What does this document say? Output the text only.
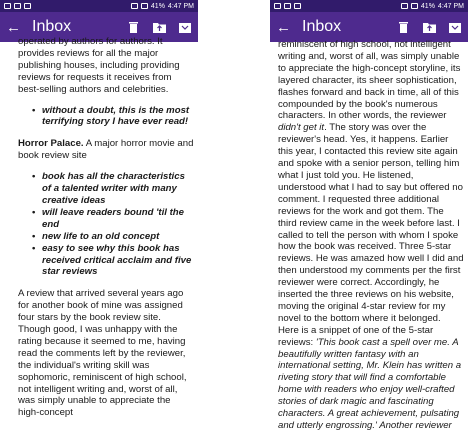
41% 4:47 PM
← Inbox

operated by authors for authors. It provides reviews for all the major publishing houses, including providing reviews for requests it receives from best-selling authors and celebrities.

• without a doubt, this is the most terrifying story I have ever read!

Horror Palace. A major horror movie and book review site

• book has all the characteristics of a talented writer with many creative ideas
• will leave readers bound 'til the end
• new life to an old concept
• easy to see why this book has received critical acclaim and five star reviews

A review that arrived several years ago for another book of mine was assigned four stars by the book review site. Though good, I was unhappy with the rating because it seemed to me, having read the comments left by the reviewer, the individual's writing skill was sophomoric, reminiscent of high school, not intelligent writing and, worst of all, was simply unable to appreciate the high-concept

41% 4:47 PM
← Inbox

reminiscent of high school, not intelligent writing and, worst of all, was simply unable to appreciate the high-concept storyline, its layered character, its sheer sophistication, flashes forward and back in time, all of this compounded by the book's numerous characters. In other words, the reviewer didn't get it. The story was over the reviewer's head. Yes, it happens. Earlier this year, I contacted this review site again and spoke with a senior person, telling him what I just told you. He listened, understood what I had to say but offered no comment. I requested three additional reviews for the work and got them. The third review came in the week before last. I called to tell the person with whom I spoke how the book was received. Three 5-star reviews. He was amazed how well I did and then understood my comments per the first reviewer were correct. Accordingly, he inserted the three reviews on his website, moving the original 4-star review for my novel to the bottom where it belonged. Here is a snippet of one of the 5-star reviews: 'This book cast a spell over me. A beautifully written fantasy with an international setting, Mr. Klein has written a riveting story that will find a comfortable home with readers who enjoy well-crafted stories of dark magic and fascinating characters. A great achievement, pulsating and utterly engrossing.' Another reviewer
